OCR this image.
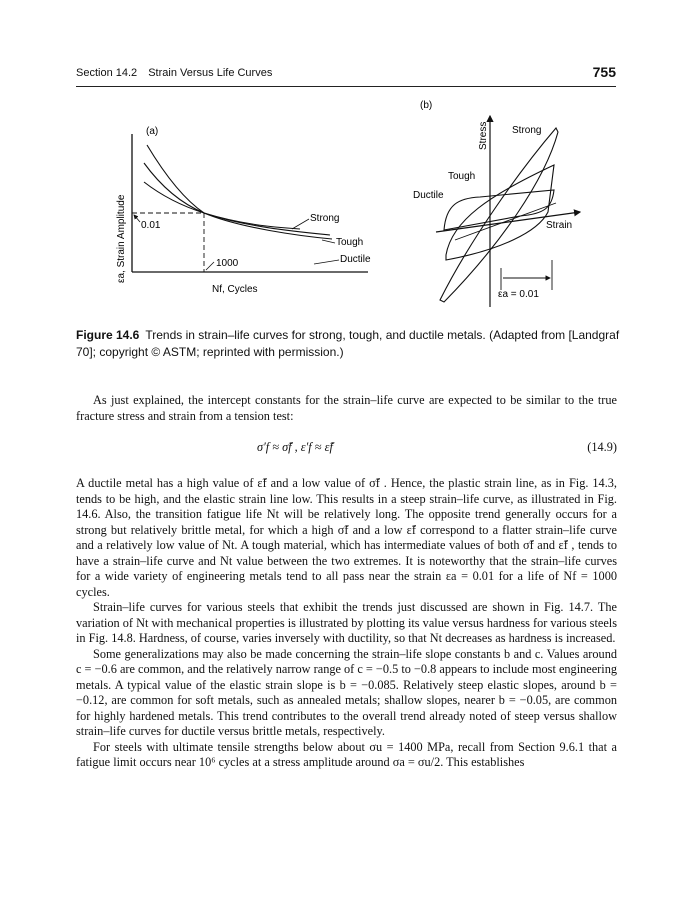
Section 14.2 Strain Versus Life Curves	755
(a)
εa, Strain Amplitude 0.01
1000
Strong
Tough
Ductile
Nf, Cycles
(b)
Stress
Strain
Strong
Tough
Ductile
εa = 0.01
Figure 14.6 Trends in strain–life curves for strong, tough, and ductile metals. (Adapted from [Landgraf 70]; copyright © ASTM; reprinted with permission.)

As just explained, the intercept constants for the strain–life curve are expected to be similar to the true fracture stress and strain from a tension test:

σ′f ≈ σ̃f , ε′f ≈ ε̃f	(14.9)

A ductile metal has a high value of ε̃f and a low value of σ̃f . Hence, the plastic strain line, as in Fig. 14.3, tends to be high, and the elastic strain line low. This results in a steep strain–life curve, as illustrated in Fig. 14.6. Also, the transition fatigue life Nt will be relatively long. The opposite trend generally occurs for a strong but relatively brittle metal, for which a high σ̃f and a low ε̃f correspond to a flatter strain–life curve and a relatively low value of Nt. A tough material, which has intermediate values of both σ̃f and ε̃f , tends to have a strain–life curve and Nt value between the two extremes. It is noteworthy that the strain–life curves for a wide variety of engineering metals tend to all pass near the strain εa = 0.01 for a life of Nf = 1000 cycles.

Strain–life curves for various steels that exhibit the trends just discussed are shown in Fig. 14.7. The variation of Nt with mechanical properties is illustrated by plotting its value versus hardness for various steels in Fig. 14.8. Hardness, of course, varies inversely with ductility, so that Nt decreases as hardness is increased.

Some generalizations may also be made concerning the strain–life slope constants b and c. Values around c = −0.6 are common, and the relatively narrow range of c = −0.5 to −0.8 appears to include most engineering metals. A typical value of the elastic strain slope is b = −0.085. Relatively steep elastic slopes, around b = −0.12, are common for soft metals, such as annealed metals; shallow slopes, nearer b = −0.05, are common for highly hardened metals. This trend contributes to the overall trend already noted of steep versus shallow strain–life curves for ductile versus brittle metals, respectively.

For steels with ultimate tensile strengths below about σu = 1400 MPa, recall from Section 9.6.1 that a fatigue limit occurs near 10⁶ cycles at a stress amplitude around σa = σu/2. This establishes
